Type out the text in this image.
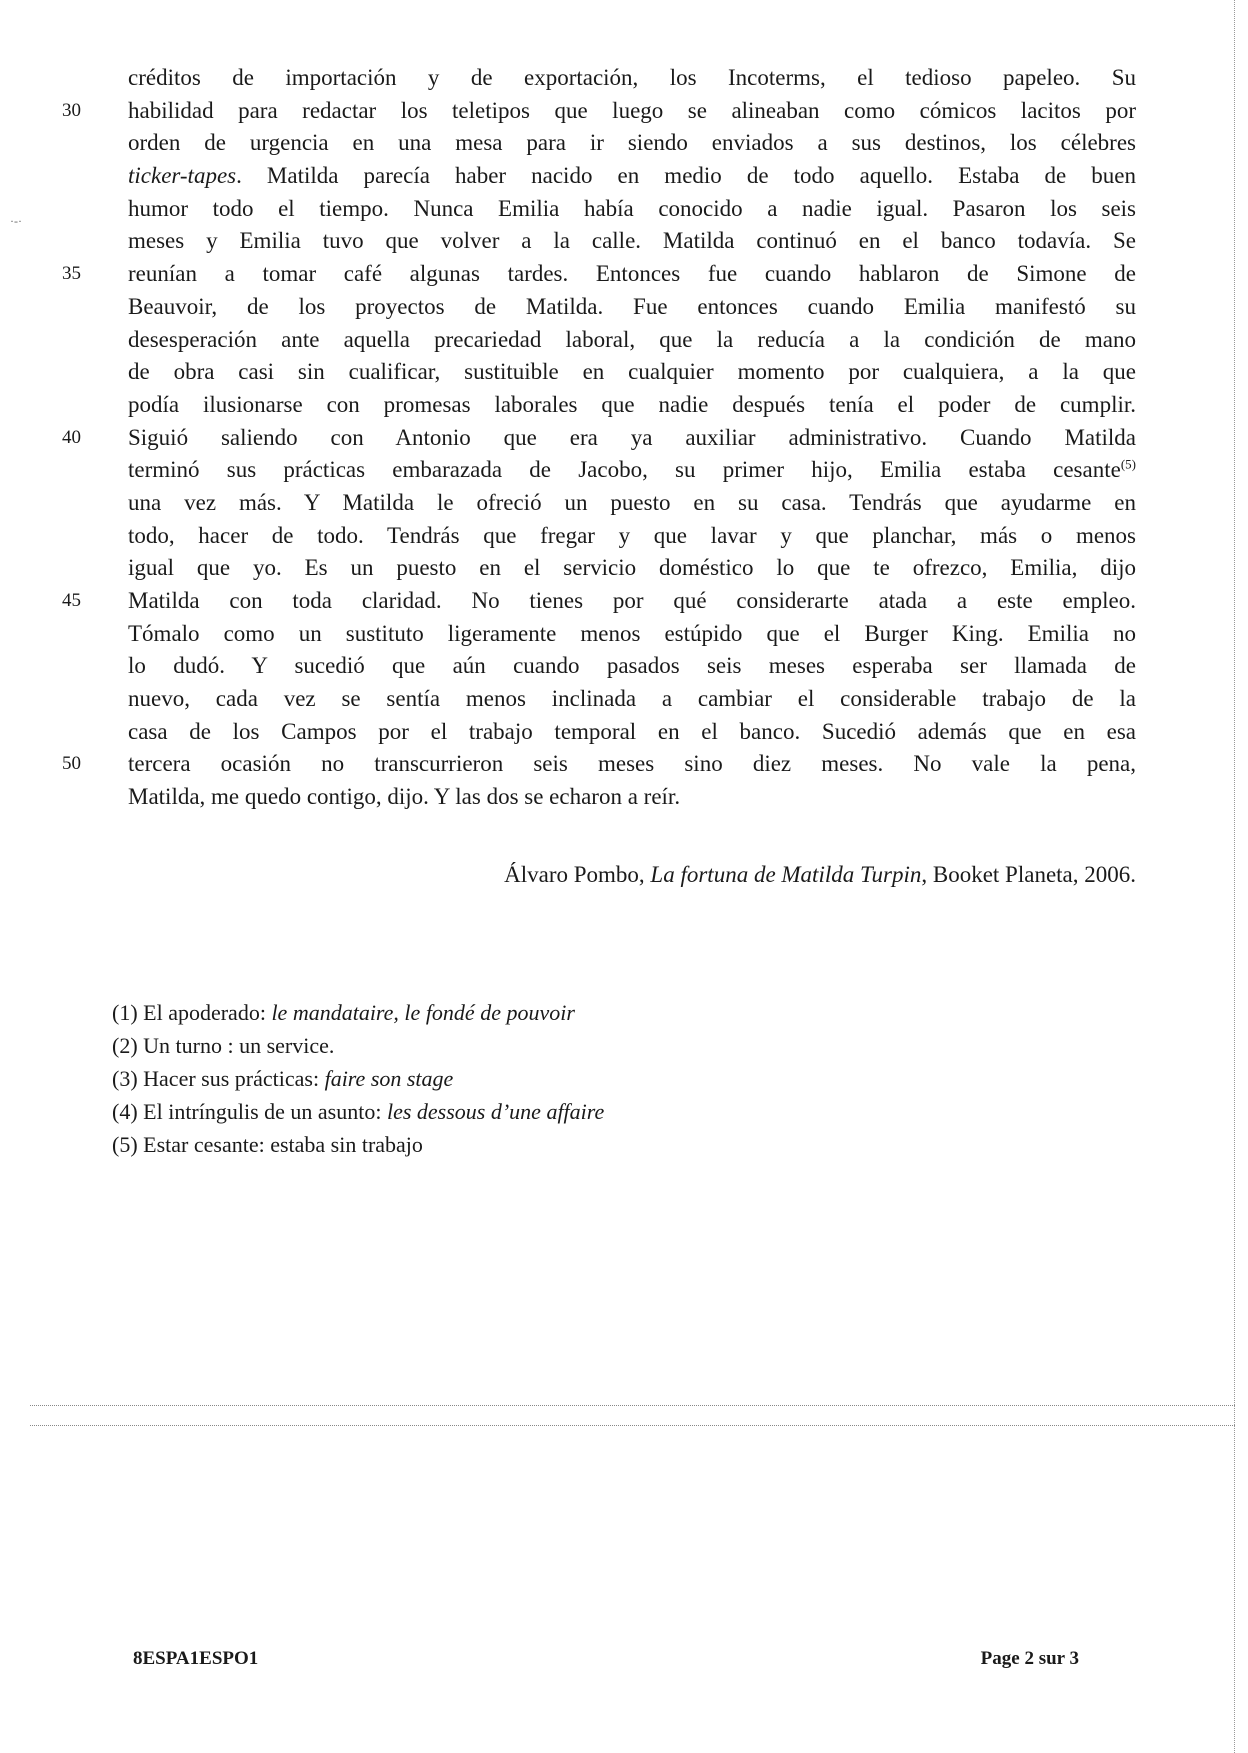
·-·
créditos de importación y de exportación, los Incoterms, el tedioso papeleo. Su
30 habilidad para redactar los teletipos que luego se alineaban como cómicos lacitos por
orden de urgencia en una mesa para ir siendo enviados a sus destinos, los célebres
ticker-tapes. Matilda parecía haber nacido en medio de todo aquello. Estaba de buen
humor todo el tiempo. Nunca Emilia había conocido a nadie igual. Pasaron los seis
meses y Emilia tuvo que volver a la calle. Matilda continuó en el banco todavía. Se
35 reunían a tomar café algunas tardes. Entonces fue cuando hablaron de Simone de
Beauvoir, de los proyectos de Matilda. Fue entonces cuando Emilia manifestó su
desesperación ante aquella precariedad laboral, que la reducía a la condición de mano
de obra casi sin cualificar, sustituible en cualquier momento por cualquiera, a la que
podía ilusionarse con promesas laborales que nadie después tenía el poder de cumplir.
40 Siguió saliendo con Antonio que era ya auxiliar administrativo. Cuando Matilda
terminó sus prácticas embarazada de Jacobo, su primer hijo, Emilia estaba cesante$^{(5)}$
una vez más. Y Matilda le ofreció un puesto en su casa. Tendrás que ayudarme en
todo, hacer de todo. Tendrás que fregar y que lavar y que planchar, más o menos
igual que yo. Es un puesto en el servicio doméstico lo que te ofrezco, Emilia, dijo
45 Matilda con toda claridad. No tienes por qué considerarte atada a este empleo.
Tómalo como un sustituto ligeramente menos estúpido que el Burger King. Emilia no
lo dudó. Y sucedió que aún cuando pasados seis meses esperaba ser llamada de
nuevo, cada vez se sentía menos inclinada a cambiar el considerable trabajo de la
casa de los Campos por el trabajo temporal en el banco. Sucedió además que en esa
50 tercera ocasión no transcurrieron seis meses sino diez meses. No vale la pena,
Matilda, me quedo contigo, dijo. Y las dos se echaron a reír.
Álvaro Pombo, La fortuna de Matilda Turpin, Booket Planeta, 2006.
(1) El apoderado: le mandataire, le fondé de pouvoir
(2) Un turno : un service.
(3) Hacer sus prácticas: faire son stage
(4) El intríngulis de un asunto: les dessous d’une affaire
(5) Estar cesante: estaba sin trabajo
8ESPA1ESPO1	Page 2 sur 3
